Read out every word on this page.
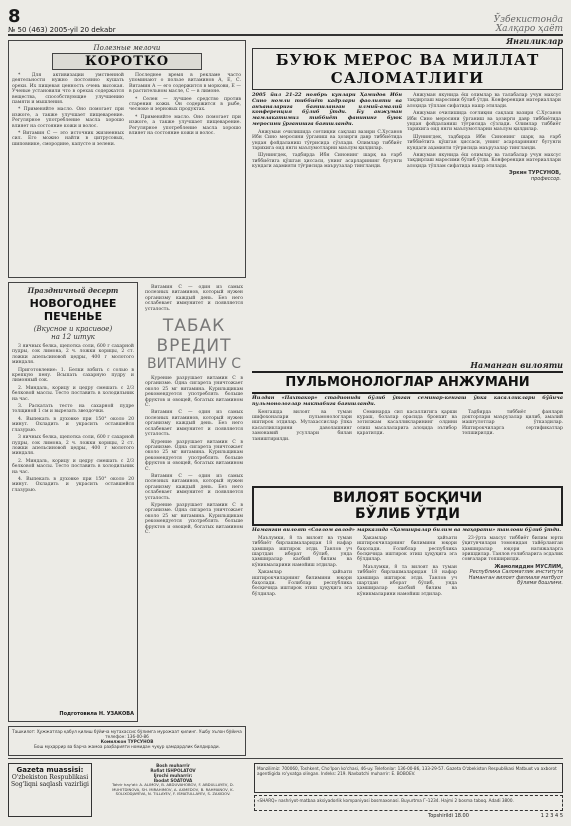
8
№ 50 (463) 2005-yil 20 dekabr
Ўзбекистонда
Халқаро ҳаёт
Полезные мелочи
КОРОТКО

* Для активизации умственной деятельности нужно постоянно кушать орехи. Их пищевая ценность очень высокая. Ученые установили что в орехах содержатся вещества, способствующие улучшению памяти и мышления.

* Применяйте масло. Оно помогает при изжоге, а также улучшает пищеварение. Регулярное употребление масла хорошо влияет на состояние кожи и волос.

* Витамин С — это источник жизненных сил. Его можно найти в цитрусовых, шиповнике, смородине, капусте и зелени.

Последнее время в рекламе часто упоминают о пользе витаминов А, Е, С. Витамин А — его содержится в моркови, Е — в растительном масле, С — в лимоне.

* Селен — лучшее средство против старения кожи. Он содержится в рыбе, чесноке и зерновых продуктах.

* Применяйте масло. Оно помогает при изжоге, а также улучшает пищеварение. Регулярное употребление масла хорошо влияет на состояние кожи и волос.

Янгиликлар
БУЮК МЕРОС ВА МИЛЛАТ
САЛОМАТЛИГИ
2005 йил 21-22 ноябрь кунлари Ҳамидов Ибн Сино номли тиббиёт кадрлари фаолияти ва анъаналарига бағишланган илмий-амалий конференция бўлиб ўтди. Бу анжуман мамлакатимиз тиббиёт фанининг буюк меросини ўрганишга бағишланди.

Анжуман очилишида соғлиқни сақлаш вазири С.Хусанов Ибн Сино меросини ўрганиш ва ҳозирги давр тиббиётида ундан фойдаланиш тўғрисида сўзлади. Олимлар тиббиёт тарихига оид янги маълумотларни маълум қилдилар.

Шунингдек, тадбирда Ибн Синонинг шарқ ва ғарб тиббиётига қўшган ҳиссаси, унинг асарларининг бугунги кундаги аҳамияти тўғрисида маърузалар тингланди.

Анжуман якунида ёш олимлар ва талабалар учун махсус тақдирлаш маросими бўлиб ўтди. Конференция материаллари алоҳида тўплам сифатида нашр этилади.

Анжуман очилишида соғлиқни сақлаш вазири С.Хусанов Ибн Сино меросини ўрганиш ва ҳозирги давр тиббиётида ундан фойдаланиш тўғрисида сўзлади. Олимлар тиббиёт тарихига оид янги маълумотларни маълум қилдилар.

Шунингдек, тадбирда Ибн Синонинг шарқ ва ғарб тиббиётига қўшган ҳиссаси, унинг асарларининг бугунги кундаги аҳамияти тўғрисида маърузалар тингланди.

Анжуман якунида ёш олимлар ва талабалар учун махсус тақдирлаш маросими бўлиб ўтди. Конференция материаллари алоҳида тўплам сифатида нашр этилади.

Эркин ТУРСУНОВ,
профессор.
Праздничный десерт
НОВОГОДНЕЕ
ПЕЧЕНЬЕ
(Вкусное и красивое)
на 12 штук

3 яичных белка, щепотка соли, 600 г сахарной пудры, сок лимона, 2 ч. ложки корицы, 2 ст. ложки апельсиновой цедры, 400 г молотого миндаля.

Приготовление: 1. Белки взбить с солью в крепкую пену. Всыпать сахарную пудру и лимонный сок.

2. Миндаль, корицу и цедру смешать с 2/3 белковой массы. Тесто поставить в холодильник на час.

3. Раскатать тесто на сахарной пудре толщиной 1 см и вырезать звездочки.

4. Выпекать в духовке при 150° около 20 минут. Охладить и украсить оставшейся глазурью.

3 яичных белка, щепотка соли, 600 г сахарной пудры, сок лимона, 2 ч. ложки корицы, 2 ст. ложки апельсиновой цедры, 400 г молотого миндаля.

2. Миндаль, корицу и цедру смешать с 2/3 белковой массы. Тесто поставить в холодильник на час.

4. Выпекать в духовке при 150° около 20 минут. Охладить и украсить оставшейся глазурью.

Подготовила Н. УЗАКОВА

Витамин С — один из самых полезных витаминов, который нужен организму каждый день. Без него ослабевает иммунитет и появляется усталость.

ТАБАК
ВРЕДИТ
ВИТАМИНУ С

Курение разрушает витамин С в организме. Одна сигарета уничтожает около 25 мг витамина. Курильщикам рекомендуется употреблять больше фруктов и овощей, богатых витамином С.

Витамин С — один из самых полезных витаминов, который нужен организму каждый день. Без него ослабевает иммунитет и появляется усталость.

Курение разрушает витамин С в организме. Одна сигарета уничтожает около 25 мг витамина. Курильщикам рекомендуется употреблять больше фруктов и овощей, богатых витамином С.

Витамин С — один из самых полезных витаминов, который нужен организму каждый день. Без него ослабевает иммунитет и появляется усталость.

Курение разрушает витамин С в организме. Одна сигарета уничтожает около 25 мг витамина. Курильщикам рекомендуется употреблять больше фруктов и овощей, богатых витамином С.

Наманган вилояти
ПУЛЬМОНОЛОГЛАР АНЖУМАНИ
Йилдан «Пахтакор» стадионида бўлиб ўтган семинар-кенгаш ўпка касалликлари бўйича пульмонологлар мактабига бағишланди.

Кенгашда вилоят ва туман шифохоналари пульмонологлари иштирок этдилар. Мутахассислар ўпка касалликларини даволашнинг замонавий усуллари билан таништирилди.

Семинарда сил касаллигига қарши кураш, болалар орасида бронхит ва зотилжам касалликларининг олдини олиш масалаларига алоҳида эътибор қаратилди.

Тадбирда тиббиёт фанлари докторлари маърузалар қилиб, амалий машғулотлар ўтказдилар. Иштирокчиларга сертификатлар топширилди.

ВИЛОЯТ БОСҚИЧИ
БЎЛИБ ЎТДИ
Наманган вилоят «Соғлом авлод» марказида «Ҳамширалар билим ва маҳорати» танлови бўлиб ўтди.

Маълумки, 8 та вилоят ва туман тиббиёт бирлашмаларидан 18 нафар ҳамшира иштирок этди. Танлов уч шартдан иборат бўлиб, унда ҳамширалар касбий билим ва кўникмаларини намойиш этдилар.

Ҳакамлар ҳайъати иштирокчиларнинг билимини юқори баҳолади. Ғолиблар республика босқичида иштирок этиш ҳуқуқига эга бўлдилар.

Ҳакамлар ҳайъати иштирокчиларнинг билимини юқори баҳолади. Ғолиблар республика босқичида иштирок этиш ҳуқуқига эга бўлдилар.

Маълумки, 8 та вилоят ва туман тиббиёт бирлашмаларидан 18 нафар ҳамшира иштирок этди. Танлов уч шартдан иборат бўлиб, унда ҳамширалар касбий билим ва кўникмаларини намойиш этдилар.

23-ўрта махсус тиббиёт билим юрти ўқитувчилари томонидан тайёрланган ҳамширалар юқори натижаларга эришдилар. Танлов ғолибларига эсдалик совғалари топширилди.

Жамолиддин МУСЛИМ,
Республика Саломатлик институти Наманган вилоят филиали матбуот бўлими бошлиғи.
Ташкилот: Ҳужжатлар қабул қилиш бўйича мутахассис бўлимга мурожаат қилинг. Ушбу эълон бўйича телефон: 136-00-86
Комилжон ТУРСУНОВ
Бош муҳаррир ва барча жамоа раҳбарияти номидан чуқур ҳамдардлик билдиради.
Gazeta muassisi:
O'zbekiston Respublikasi Sog'liqni saqlash vazirligi
Bosh muharrir
Rofiat ISHPOLATOV
Ijrochi muharrir:
Ibodat SOATOVA
Tahrir hay'ati: A. ALIMOV, B. ABDUVAHOBOV, F. ABDULLAYEV, D. MUHITDINOVA, SH. MIRAHIMOV, A. AXMEDOV, B. RAHMANOV, K. SOLIXODJAYEVA, N. TILLAYEV, F. ISMATULLAYEV, S. ZAXIDOV.
Manzilimiz: 700060, Toshkent, Cho'lpon ko'chasi, 46-uy. Telefonlar: 136-00-86, 133-29-57. Gazeta O'zbekiston Respublikasi Matbuot va axborot agentligida ro'yxatga olingan. Indeks: 219. Navbatchi muharrir: E. BOBOEV.
«SHARQ» nashriyot-matbaa aksiyadorlik kompaniyasi bosmaxonasi. Buyurtma Г–1234. Hajmi 2 bosma taboq. Adadi 3800.
Topshirildi 18.00	1 2 3 4 5
